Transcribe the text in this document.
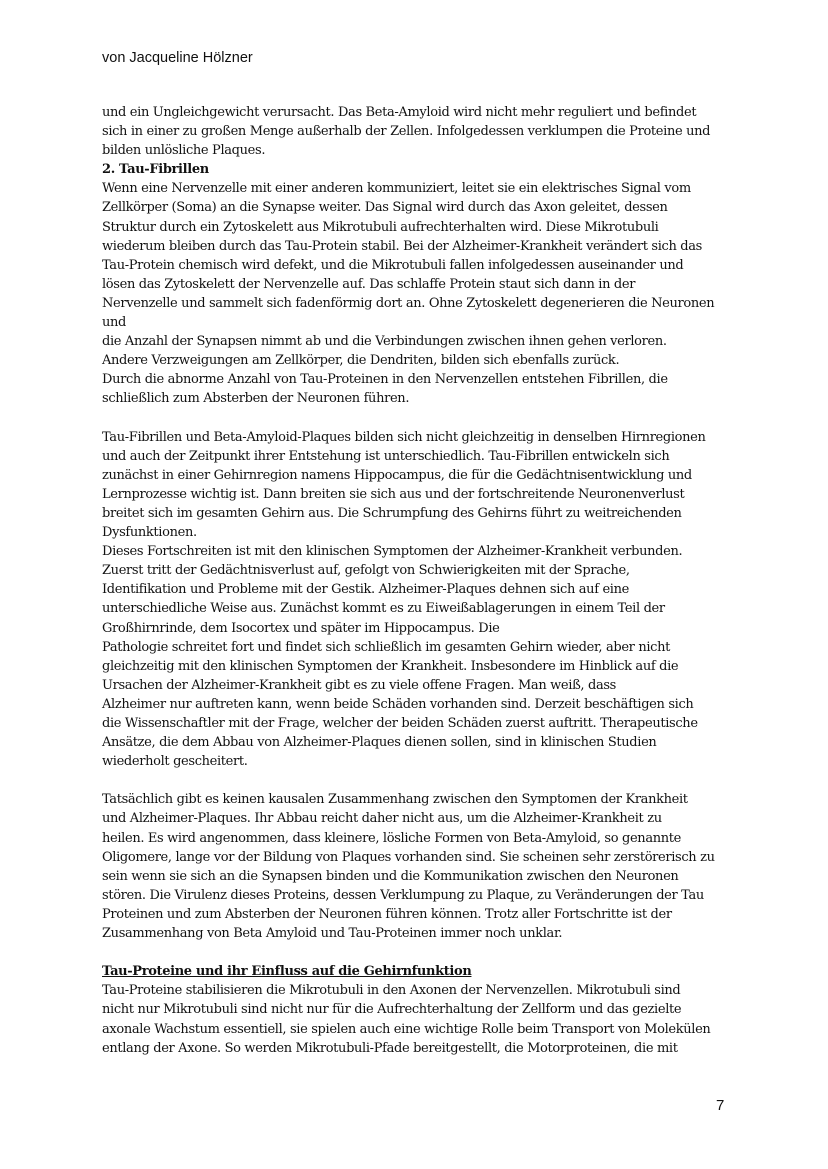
von Jacqueline Hölzner

und ein Ungleichgewicht verursacht. Das Beta-Amyloid wird nicht mehr reguliert und befindet

sich in einer zu großen Menge außerhalb der Zellen. Infolgedessen verklumpen die Proteine und

bilden unlösliche Plaques.

2. Tau-Fibrillen

Wenn eine Nervenzelle mit einer anderen kommuniziert, leitet sie ein elektrisches Signal vom

Zellkörper (Soma) an die Synapse weiter. Das Signal wird durch das Axon geleitet, dessen

Struktur durch ein Zytoskelett aus Mikrotubuli aufrechterhalten wird. Diese Mikrotubuli

wiederum bleiben durch das Tau-Protein stabil. Bei der Alzheimer-Krankheit verändert sich das

Tau-Protein chemisch wird defekt, und die Mikrotubuli fallen infolgedessen auseinander und

lösen das Zytoskelett der Nervenzelle auf. Das schlaffe Protein staut sich dann in der

Nervenzelle und sammelt sich fadenförmig dort an. Ohne Zytoskelett degenerieren die Neuronen

und

die Anzahl der Synapsen nimmt ab und die Verbindungen zwischen ihnen gehen verloren.

Andere Verzweigungen am Zellkörper, die Dendriten, bilden sich ebenfalls zurück.

Durch die abnorme Anzahl von Tau-Proteinen in den Nervenzellen entstehen Fibrillen, die

schließlich zum Absterben der Neuronen führen.

Tau-Fibrillen und Beta-Amyloid-Plaques bilden sich nicht gleichzeitig in denselben Hirnregionen

und auch der Zeitpunkt ihrer Entstehung ist unterschiedlich. Tau-Fibrillen entwickeln sich

zunächst in einer Gehirnregion namens Hippocampus, die für die Gedächtnisentwicklung und

Lernprozesse wichtig ist. Dann breiten sie sich aus und der fortschreitende Neuronenverlust

breitet sich im gesamten Gehirn aus. Die Schrumpfung des Gehirns führt zu weitreichenden

Dysfunktionen.

Dieses Fortschreiten ist mit den klinischen Symptomen der Alzheimer-Krankheit verbunden.

Zuerst tritt der Gedächtnisverlust auf, gefolgt von Schwierigkeiten mit der Sprache,

Identifikation und Probleme mit der Gestik. Alzheimer-Plaques dehnen sich auf eine

unterschiedliche Weise aus. Zunächst kommt es zu Eiweißablagerungen in einem Teil der

Großhirnrinde, dem Isocortex und später im Hippocampus. Die

Pathologie schreitet fort und findet sich schließlich im gesamten Gehirn wieder, aber nicht

gleichzeitig mit den klinischen Symptomen der Krankheit. Insbesondere im Hinblick auf die

Ursachen der Alzheimer-Krankheit gibt es zu viele offene Fragen. Man weiß, dass

Alzheimer nur auftreten kann, wenn beide Schäden vorhanden sind. Derzeit beschäftigen sich

die Wissenschaftler mit der Frage, welcher der beiden Schäden zuerst auftritt. Therapeutische

Ansätze, die dem Abbau von Alzheimer-Plaques dienen sollen, sind in klinischen Studien

wiederholt gescheitert.

Tatsächlich gibt es keinen kausalen Zusammenhang zwischen den Symptomen der Krankheit

und Alzheimer-Plaques. Ihr Abbau reicht daher nicht aus, um die Alzheimer-Krankheit zu

heilen. Es wird angenommen, dass kleinere, lösliche Formen von Beta-Amyloid, so genannte

Oligomere, lange vor der Bildung von Plaques vorhanden sind. Sie scheinen sehr zerstörerisch zu

sein wenn sie sich an die Synapsen binden und die Kommunikation zwischen den Neuronen

stören. Die Virulenz dieses Proteins, dessen Verklumpung zu Plaque, zu Veränderungen der Tau

Proteinen und zum Absterben der Neuronen führen können. Trotz aller Fortschritte ist der

Zusammenhang von Beta Amyloid und Tau-Proteinen immer noch unklar.

Tau-Proteine und ihr Einfluss auf die Gehirnfunktion

Tau-Proteine stabilisieren die Mikrotubuli in den Axonen der Nervenzellen. Mikrotubuli sind

nicht nur Mikrotubuli sind nicht nur für die Aufrechterhaltung der Zellform und das gezielte

axonale Wachstum essentiell, sie spielen auch eine wichtige Rolle beim Transport von Molekülen

entlang der Axone. So werden Mikrotubuli-Pfade bereitgestellt, die Motorproteinen, die mit

7
